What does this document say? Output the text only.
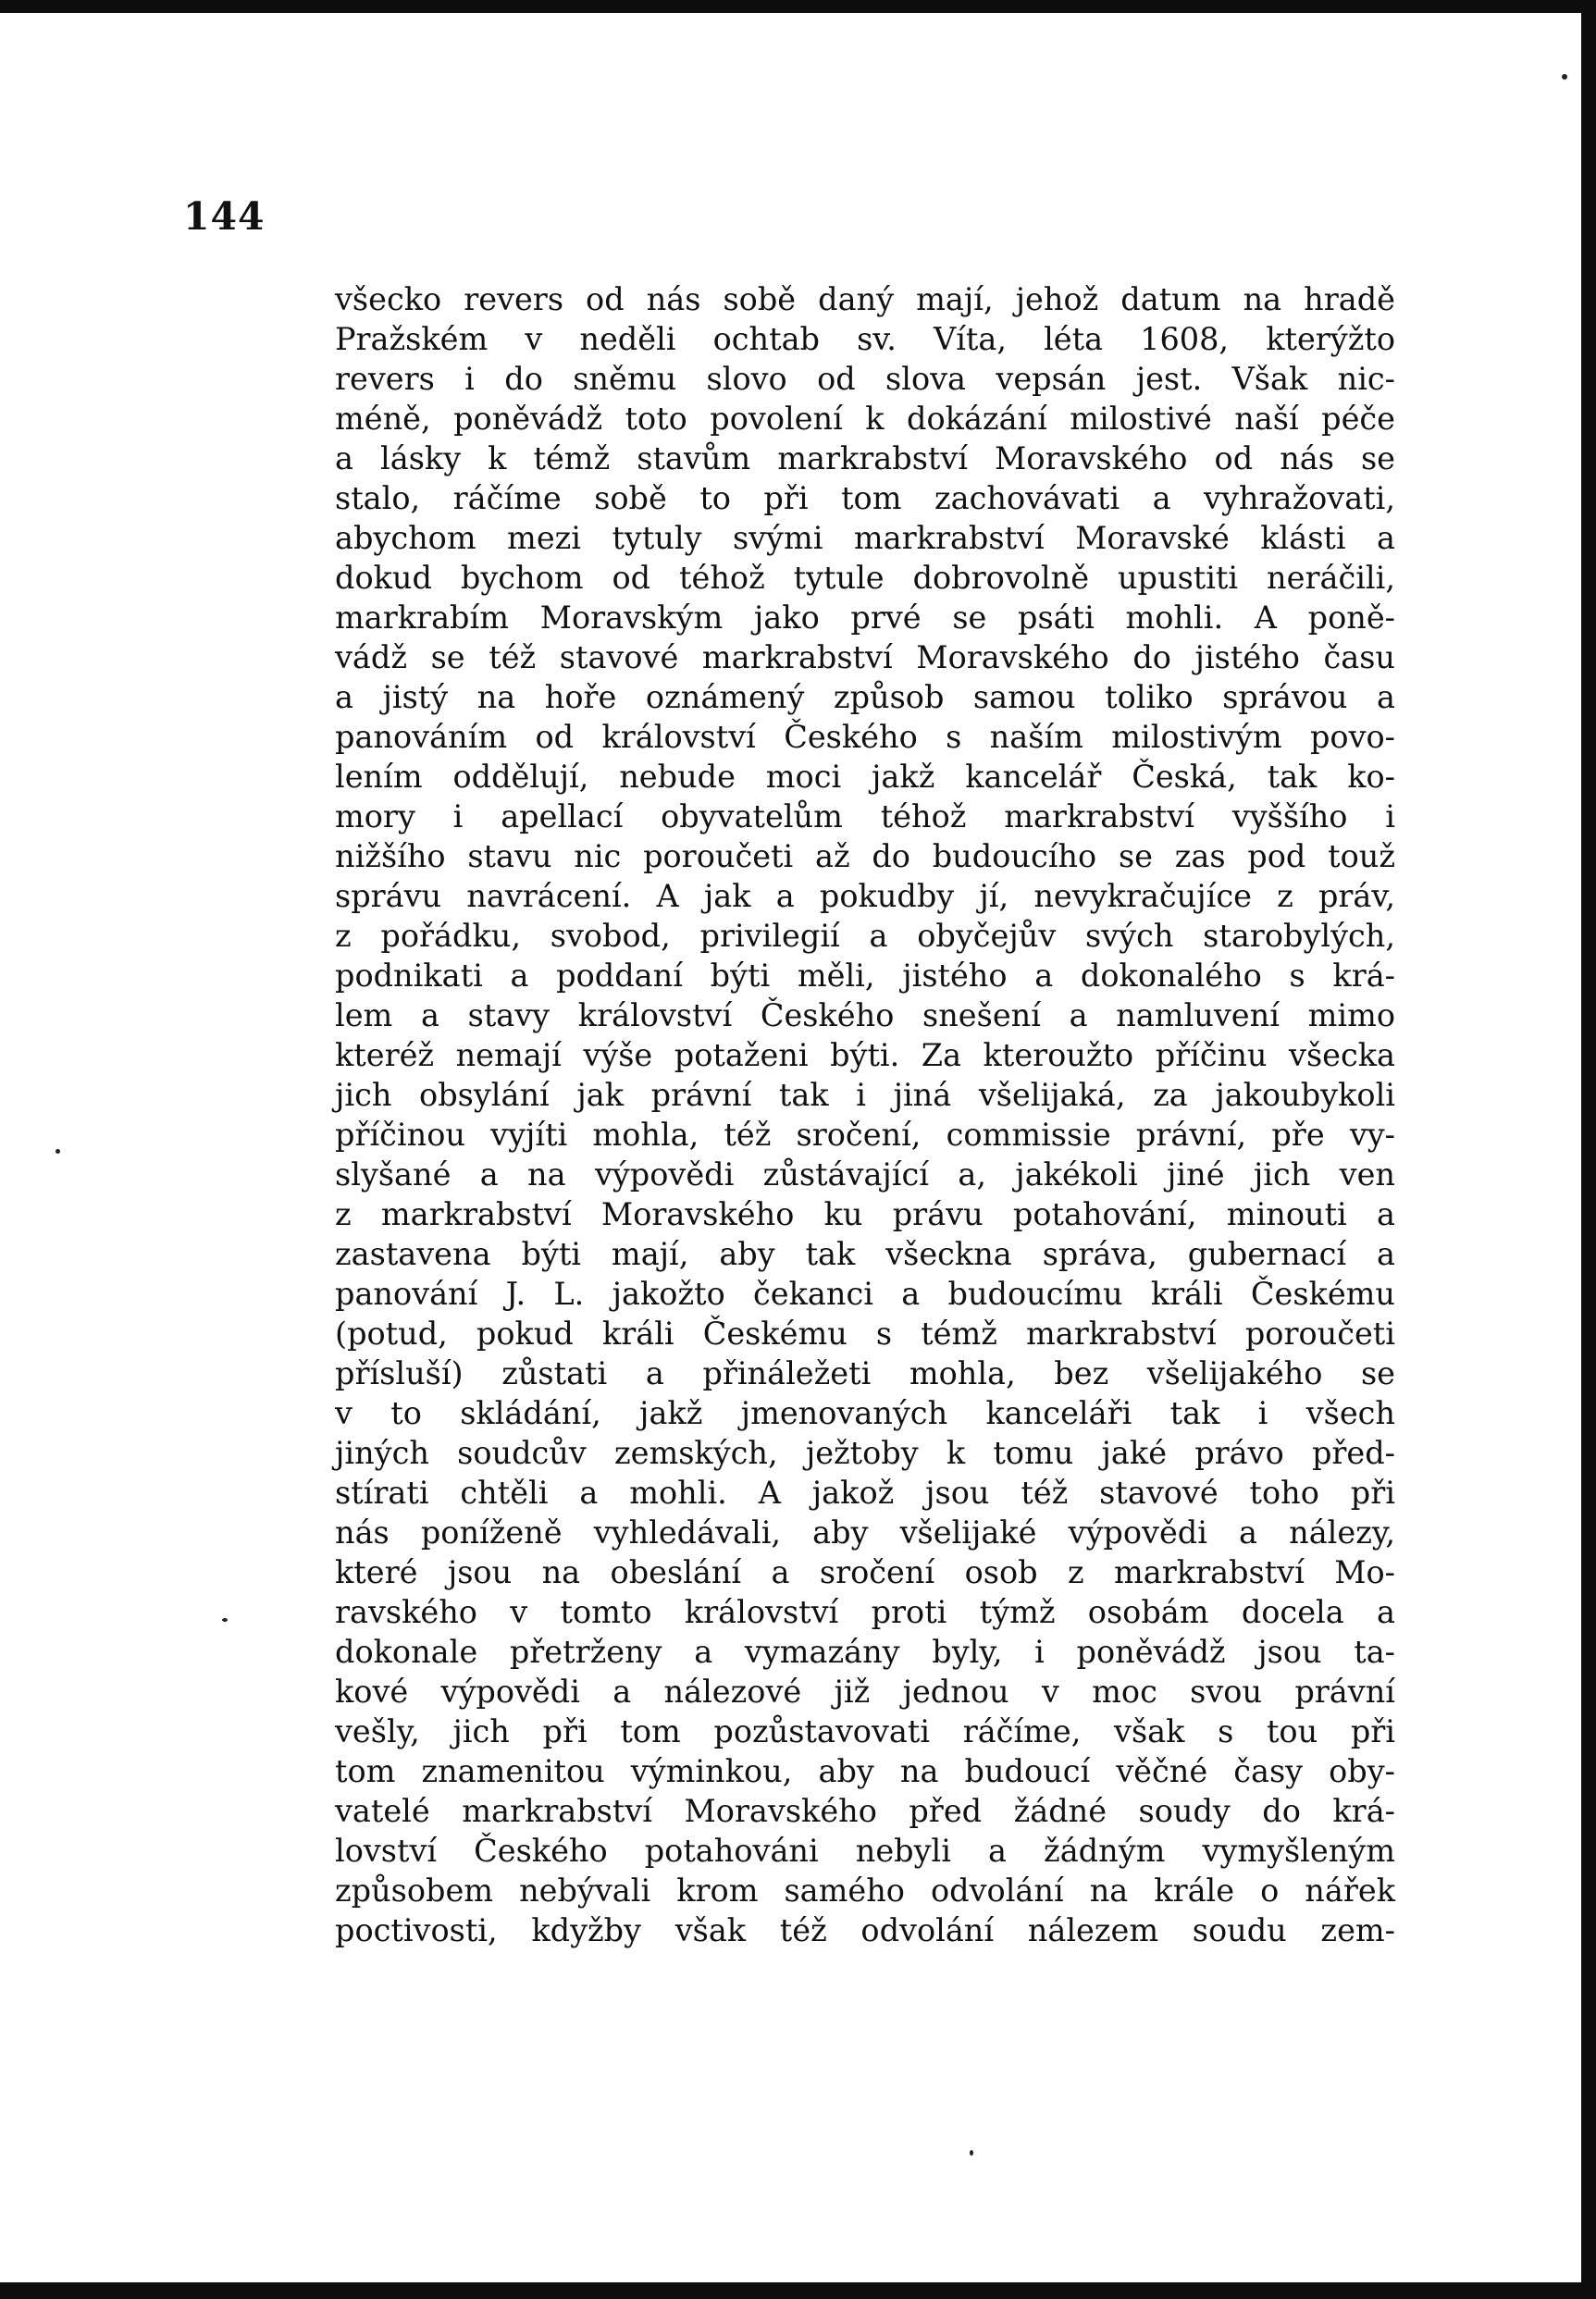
144
všecko revers od nás sobě daný mají, jehož datum na hradě
Pražském v neděli ochtab sv. Víta, léta 1608, kterýžto
revers i do sněmu slovo od slova vepsán jest. Však nic-
méně, poněvádž toto povolení k dokázání milostivé naší péče
a lásky k témž stavům markrabství Moravského od nás se
stalo, ráčíme sobě to při tom zachovávati a vyhražovati,
abychom mezi tytuly svými markrabství Moravské klásti a
dokud bychom od téhož tytule dobrovolně upustiti neráčili,
markrabím Moravským jako prvé se psáti mohli. A poně-
vádž se též stavové markrabství Moravského do jistého času
a jistý na hoře oznámený způsob samou toliko správou a
panováním od království Českého s naším milostivým povo-
lením oddělují, nebude moci jakž kancelář Česká, tak ko-
mory i apellací obyvatelům téhož markrabství vyššího i
nižšího stavu nic poroučeti až do budoucího se zas pod touž
správu navrácení. A jak a pokudby jí, nevykračujíce z práv,
z pořádku, svobod, privilegií a obyčejův svých starobylých,
podnikati a poddaní býti měli, jistého a dokonalého s krá-
lem a stavy království Českého snešení a namluvení mimo
kteréž nemají výše potaženi býti. Za kteroužto příčinu všecka
jich obsylání jak právní tak i jiná všelijaká, za jakoubykoli
příčinou vyjíti mohla, též sročení, commissie právní, pře vy-
slyšané a na výpovědi zůstávající a, jakékoli jiné jich ven
z markrabství Moravského ku právu potahování, minouti a
zastavena býti mají, aby tak všeckna správa, gubernací a
panování J. L. jakožto čekanci a budoucímu králi Českému
(potud, pokud králi Českému s témž markrabství poroučeti
přísluší) zůstati a přináležeti mohla, bez všelijakého se
v to skládání, jakž jmenovaných kanceláři tak i všech
jiných soudcův zemských, ježtoby k tomu jaké právo před-
stírati chtěli a mohli. A jakož jsou též stavové toho při
nás poníženě vyhledávali, aby všelijaké výpovědi a nálezy,
které jsou na obeslání a sročení osob z markrabství Mo-
ravského v tomto království proti týmž osobám docela a
dokonale přetrženy a vymazány byly, i poněvádž jsou ta-
kové výpovědi a nálezové již jednou v moc svou právní
vešly, jich při tom pozůstavovati ráčíme, však s tou při
tom znamenitou výminkou, aby na budoucí věčné časy oby-
vatelé markrabství Moravského před žádné soudy do krá-
lovství Českého potahováni nebyli a žádným vymyšleným
způsobem nebývali krom samého odvolání na krále o nářek
poctivosti, kdyžby však též odvolání nálezem soudu zem-
